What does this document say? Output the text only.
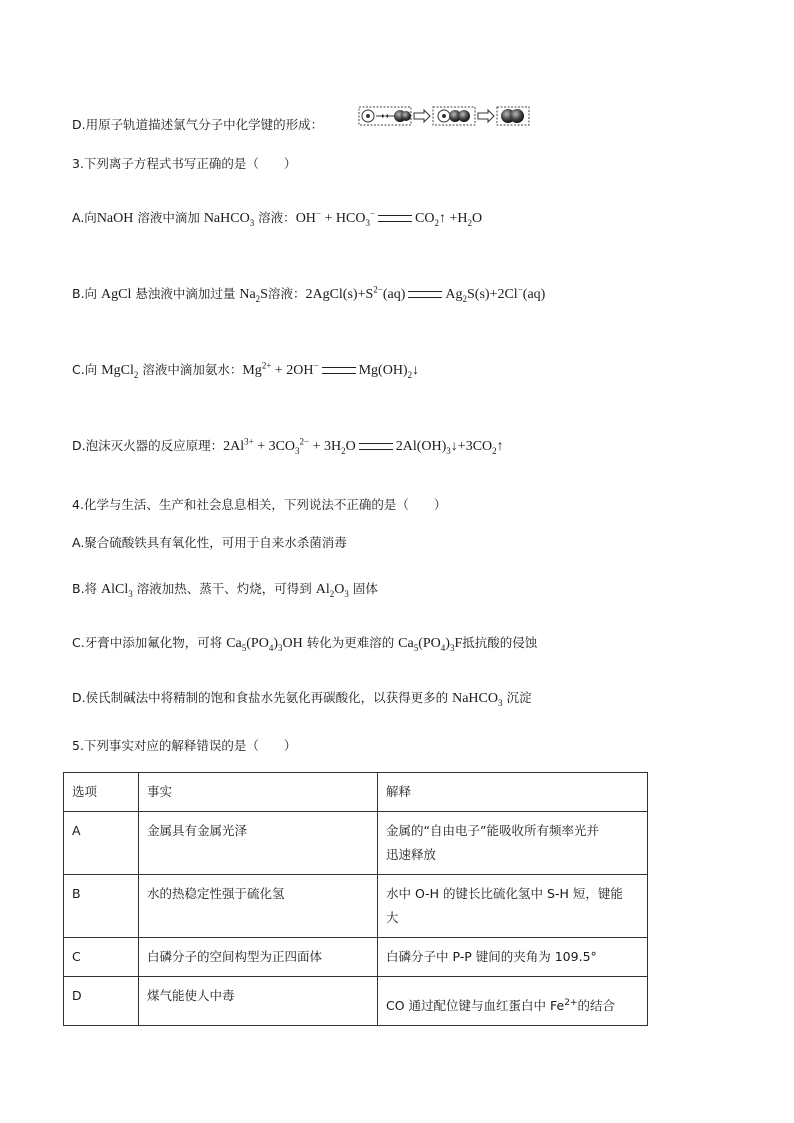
D.用原子轨道描述氯气分子中化学键的形成：
3.下列离子方程式书写正确的是（　　）
A.向NaOH 溶液中滴加 NaHCO$_3$ 溶液：$OH^- + HCO_3^-$	$CO_2↑ +H_2O$
B.向 AgCl 悬浊液中滴加过量 $Na_2S$溶液：$2AgCl(s)+S^{2-}(aq)$	$Ag_2S(s)+2Cl^-(aq)$
C.向 MgCl$_2$ 溶液中滴加氨水：$Mg^{2+} + 2OH^-$	$Mg(OH)_2↓$
D.泡沫灭火器的反应原理：$2Al^{3+} + 3CO_3^{2-} + 3H_2O$	$2Al(OH)_3↓+3CO_2↑$
4.化学与生活、生产和社会息息相关，下列说法不正确的是（　　）
A.聚合硫酸铁具有氧化性，可用于自来水杀菌消毒
B.将 AlCl$_3$ 溶液加热、蒸干、灼烧，可得到 $Al_2O_3$ 固体
C.牙膏中添加氟化物，可将 $Ca_5(PO_4)_3OH$ 转化为更难溶的 $Ca_5(PO_4)_3F$抵抗酸的侵蚀
D.侯氏制碱法中将精制的饱和食盐水先氨化再碳酸化，以获得更多的 NaHCO$_3$ 沉淀
5.下列事实对应的解释错误的是（　　）
选项	事实	解释
A	金属具有金属光泽	金属的“自由电子”能吸收所有频率光并
迅速释放

B	水的热稳定性强于硫化氢	水中 O-H 的键长比硫化氢中 S-H 短，键能
大

C	白磷分子的空间构型为正四面体	白磷分子中 P-P 键间的夹角为 109.5°
D	煤气能使人中毒	CO 通过配位键与血红蛋白中 $Fe^{2+}$的结合
